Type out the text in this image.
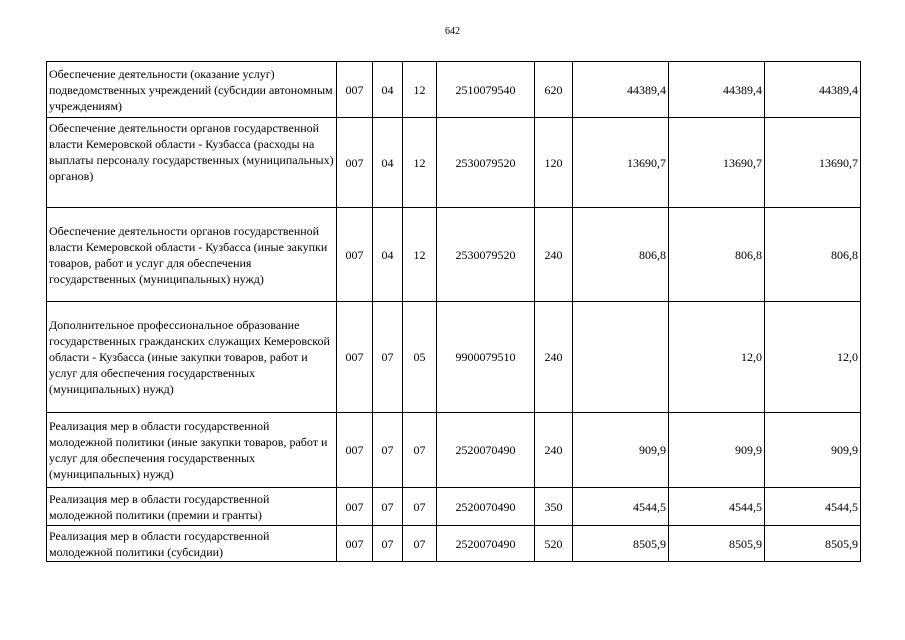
642
Обеспечение деятельности (оказание услуг) подведомственных учреждений (субсидии автономным учреждениям)	007	04	12	2510079540	620	44389,4	44389,4	44389,4
Обеспечение деятельности органов государственной власти Кемеровской области - Кузбасса (расходы на выплаты персоналу государственных (муниципальных) органов)	007	04	12	2530079520	120	13690,7	13690,7	13690,7
Обеспечение деятельности органов государственной власти Кемеровской области - Кузбасса (иные закупки товаров, работ и услуг для обеспечения государственных (муниципальных) нужд)	007	04	12	2530079520	240	806,8	806,8	806,8
Дополнительное профессиональное образование государственных гражданских служащих Кемеровской области - Кузбасса (иные закупки товаров, работ и услуг для обеспечения государственных (муниципальных) нужд)	007	07	05	9900079510	240		12,0	12,0
Реализация мер в области государственной молодежной политики (иные закупки товаров, работ и услуг для обеспечения государственных (муниципальных) нужд)	007	07	07	2520070490	240	909,9	909,9	909,9
Реализация мер в области государственной молодежной политики (премии и гранты)	007	07	07	2520070490	350	4544,5	4544,5	4544,5
Реализация мер в области государственной молодежной политики (субсидии)	007	07	07	2520070490	520	8505,9	8505,9	8505,9
